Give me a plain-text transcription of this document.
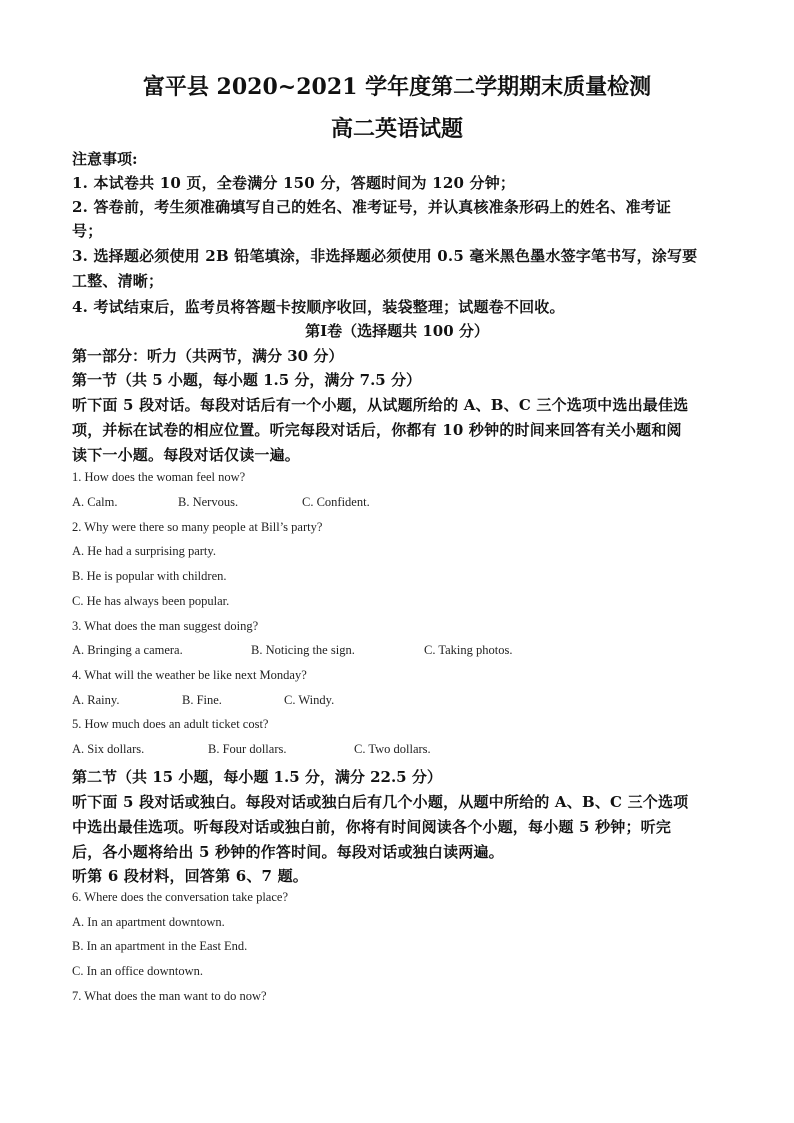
富平县 2020~2021 学年度第二学期期末质量检测
高二英语试题
注意事项:
1. 本试卷共 10 页，全卷满分 150 分，答题时间为 120 分钟；
2. 答卷前，考生须准确填写自己的姓名、准考证号，并认真核准条形码上的姓名、准考证
号；
3. 选择题必须使用 2B 铅笔填涂，非选择题必须使用 0.5 毫米黑色墨水签字笔书写，涂写要
工整、清晰；
4. 考试结束后，监考员将答题卡按顺序收回，装袋整理；试题卷不回收。
第Ⅰ卷（选择题共 100 分）
第一部分：听力（共两节，满分 30 分）
第一节（共 5 小题，每小题 1.5 分，满分 7.5 分）
听下面 5 段对话。每段对话后有一个小题，从试题所给的 A、B、C 三个选项中选出最佳选
项，并标在试卷的相应位置。听完每段对话后，你都有 10 秒钟的时间来回答有关小题和阅
读下一小题。每段对话仅读一遍。
1. How does the woman feel now?
A. Calm.	B. Nervous.	C. Confident.
2. Why were there so many people at Bill’s party?
A. He had a surprising party.
B. He is popular with children.
C. He has always been popular.
3. What does the man suggest doing?
A. Bringing a camera.	B. Noticing the sign.	C. Taking photos.
4. What will the weather be like next Monday?
A. Rainy.	B. Fine.	C. Windy.
5. How much does an adult ticket cost?
A. Six dollars.	B. Four dollars.	C. Two dollars.
第二节（共 15 小题，每小题 1.5 分，满分 22.5 分）
听下面 5 段对话或独白。每段对话或独白后有几个小题，从题中所给的 A、B、C 三个选项
中选出最佳选项。听每段对话或独白前，你将有时间阅读各个小题，每小题 5 秒钟；听完
后，各小题将给出 5 秒钟的作答时间。每段对话或独白读两遍。
听第 6 段材料，回答第 6、7 题。
6. Where does the conversation take place?
A. In an apartment downtown.
B. In an apartment in the East End.
C. In an office downtown.
7. What does the man want to do now?
